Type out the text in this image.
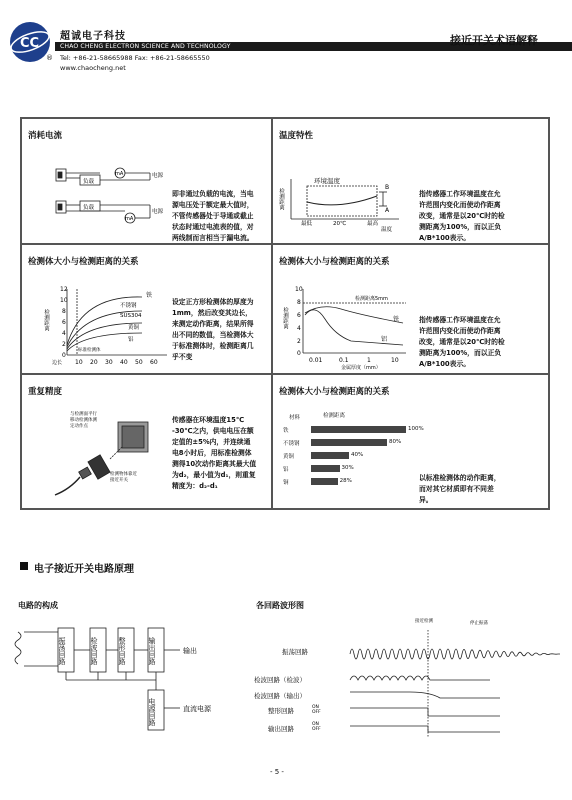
CC 超诚电子科技
CHAO CHENG ELECTRON SCIENCE AND TECHNOLOGY
® Tel: +86-21-58665988 Fax: +86-21-58665550
www.chaocheng.net
接近开关术语解释
消耗电流
mA
负载
电源
负载
电源
mA
即非通过负载的电流，当电
源电压处于额定最大值时，
不管传感器处于导通或截止
状态时通过电流表的值，对
两线制而言相当于漏电流。
温度特性
环境温度
检测距离
B
A
最低	最高
20℃
温度
指传感器工作环境温度在允
许范围内变化而使动作距离
改变，通常是以20℃时的检
测距离为100%，而以正负
A/B*100表示。
检测体大小与检测距离的关系
12
10
8
6
4
2
0
10 20 30 40 50 60
边长
检测距离
铁
不锈钢
SUS304
黄铜
铝
标准检测体
设定正方形检测体的厚度为
1mm，然后改变其边长，
来测定动作距离，结果所得
出不同的数值，当检测体大
于标准测体时，检测距离几
乎不变
检测体大小与检测距离的关系
10
8
6
4
2
0
0.01	0.1	1	10
金属厚度（mm）
检测距离
检测距离5mm
铁
铝
指传感器工作环境温度在允
许范围内变化而使动作距离
改变，通常是以20℃时的检
测距离为100%，而以正负
A/B*100表示。
重复精度
与检测面平行
移动检测体测
定动作点
检测物体靠近
接近开关
传感器在环境温度15℃
-30℃之内，供电电压在额
定值的±5%内，并连续通
电8小时后，用标准检测体
测得10次动作距离其最大值
为d₂，最小值为d₁，则重复
精度为：d₂-d₁
检测体大小与检测距离的关系
材料	检测距离
铁	100%
不锈钢	80%
黄铜	40%
铝	30%
铜	28%	以标准检测体的动作距离，
而对其它材质即有不同差
异。
电子接近开关电路原理
电路的构成	各回路波形图
振荡回路	检波回路	整形回路	输出回路
电源回路
输出
直流电源
振荡回路
检波回路（检波）
检波回路（输出）
整形回路
输出回路
接近检测	停止振荡
ON
OFF
ON
OFF
- 5 -
